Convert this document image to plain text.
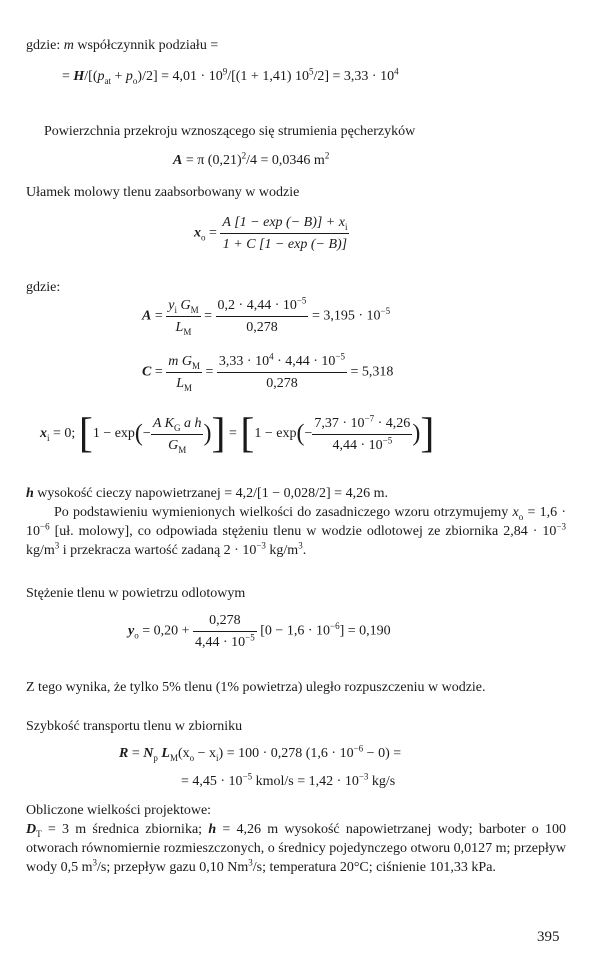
gdzie: m współczynnik podziału =
= $H/[(p_{at} + p_o)/2] = 4,01 \cdot 10^9/[(1 + 1,41) 10^5/2] = 3,33 \cdot 10^4$
Powierzchnia przekroju wznoszącego się strumienia pęcherzyków
A = π $(0,21)^2/4 = 0,0346$ $m^2$
Ułamek molowy tlenu zaabsorbowany w wodzie
$x_o = \frac{A [1 - \exp (- B)] + x_i}{1 + C [1 - \exp (- B)]}$
gdzie:
$A = \frac{y_i G_M}{L_M} = \frac{0,2 \cdot 4,44 \cdot 10^{-5}}{0,278} = 3,195 \cdot 10^{-5}$
$C = \frac{m G_M}{L_M} = \frac{3,33 \cdot 10^4 \cdot 4,44 \cdot 10^{-5}}{0,278} = 5,318$
$x_i = 0$; [$1 - \exp(- \frac{A K_G a h}{G_M}$ )] = [$1 - \exp(- \frac{7,37 \cdot 10^{-7} \cdot 4,26}{4,44 \cdot 10^{-5}}$ )]
h wysokość cieczy napowietrzanej = 4,2/[1 − 0,028/2] = 4,26 m.
Po podstawieniu wymienionych wielkości do zasadniczego wzoru otrzymujemy $x_o = 1,6 \cdot 10^{-6}$ [uł. molowy], co odpowiada stężeniu tlenu w wodzie odlotowej ze zbiornika $2,84 \cdot 10^{-3}$ $kg/m^3$ i przekracza wartość zadaną $2 \cdot 10^{-3}$ $kg/m^3$.
Stężenie tlenu w powietrzu odlotowym
$y_o = 0,20 + \frac{0,278}{4,44 \cdot 10^{-5}} [0 - 1,6 \cdot 10^{-6}] = 0,190$
Z tego wynika, że tylko 5% tlenu (1% powietrza) uległo rozpuszczeniu w wodzie.
Szybkość transportu tlenu w zbiorniku
$R = N_p$ $L_M(x_o - x_i) = 100 \cdot 0,278$ $(1,6 \cdot 10^{-6} - 0)$ =
= $4,45 \cdot 10^{-5}$ kmol/s = $1,42 \cdot 10^{-3}$ kg/s
Obliczone wielkości projektowe:
$D_T = 3$ m średnica zbiornika; h = 4,26 m wysokość napowietrzanej wody; barboter o 100 otworach równomiernie rozmieszczonych, o średnicy pojedynczego otworu 0,0127 m; przepływ wody 0,5 $m^3/s$; przepływ gazu 0,10 Nm$^3$/s; temperatura 20°C; ciśnienie 101,33 kPa.
395
